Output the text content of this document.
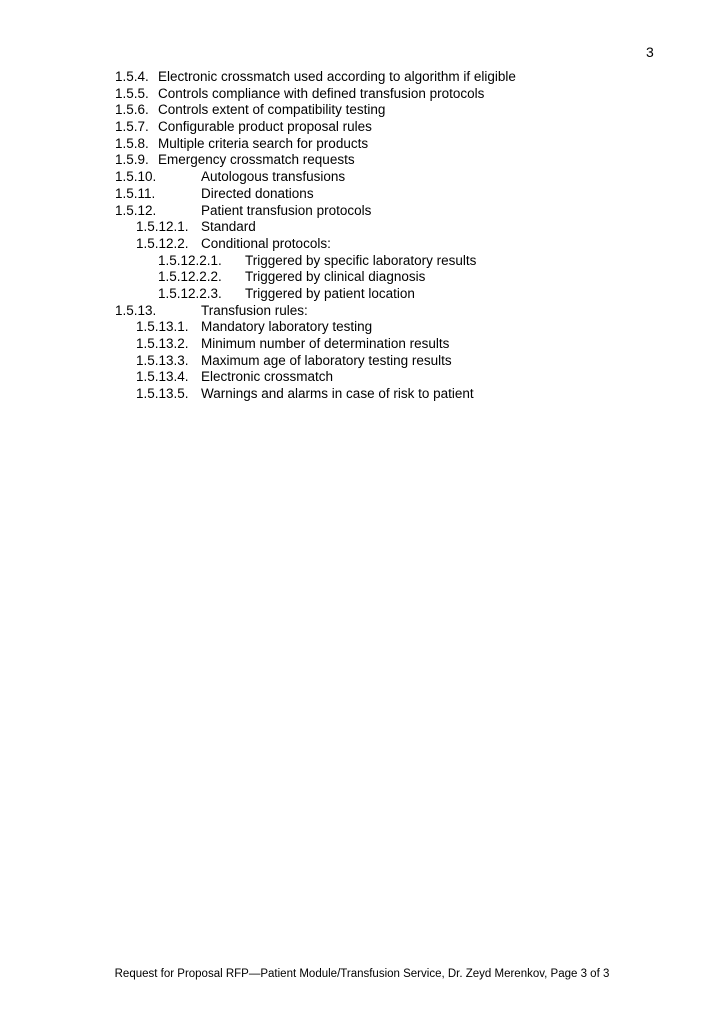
3
1.5.4. Electronic crossmatch used according to algorithm if eligible
1.5.5. Controls compliance with defined transfusion protocols
1.5.6. Controls extent of compatibility testing
1.5.7. Configurable product proposal rules
1.5.8. Multiple criteria search for products
1.5.9. Emergency crossmatch requests
1.5.10.	Autologous transfusions
1.5.11.	Directed donations
1.5.12.	Patient transfusion protocols
1.5.12.1. Standard
1.5.12.2. Conditional protocols:
1.5.12.2.1. Triggered by specific laboratory results
1.5.12.2.2. Triggered by clinical diagnosis
1.5.12.2.3. Triggered by patient location
1.5.13.	Transfusion rules:
1.5.13.1. Mandatory laboratory testing
1.5.13.2. Minimum number of determination results
1.5.13.3. Maximum age of laboratory testing results
1.5.13.4. Electronic crossmatch
1.5.13.5. Warnings and alarms in case of risk to patient
Request for Proposal RFP—Patient Module/Transfusion Service, Dr. Zeyd Merenkov, Page 3 of 3
